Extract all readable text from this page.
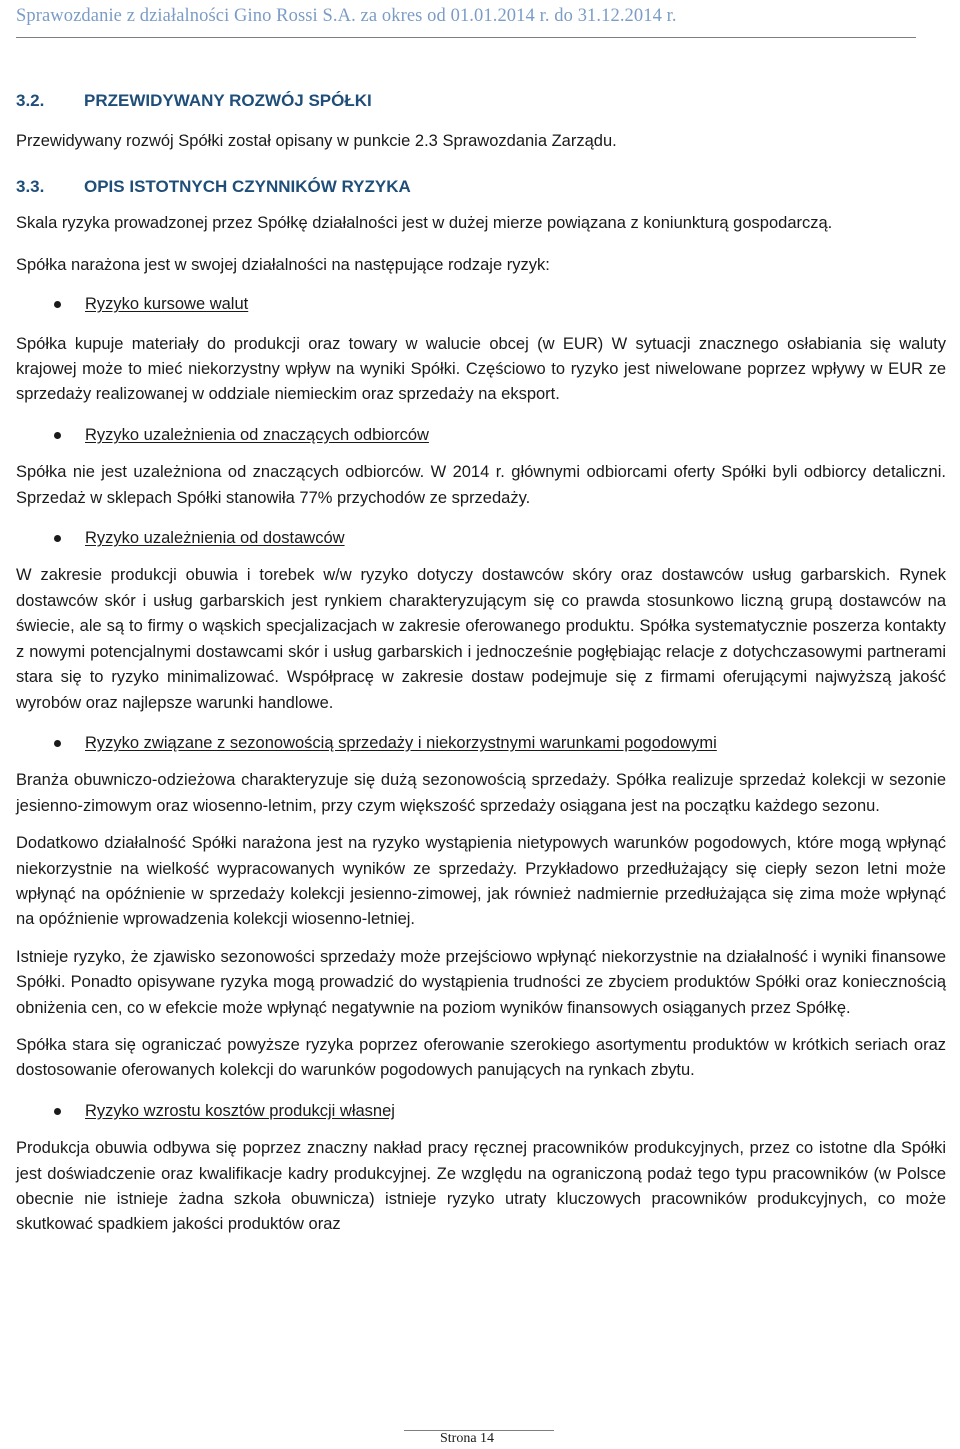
Sprawozdanie z działalności Gino Rossi S.A. za okres od 01.01.2014 r. do 31.12.2014 r.
3.2.	PRZEWIDYWANY ROZWÓJ SPÓŁKI

Przewidywany rozwój Spółki został opisany w punkcie 2.3 Sprawozdania Zarządu.

3.3.	OPIS ISTOTNYCH CZYNNIKÓW RYZYKA

Skala ryzyka prowadzonej przez Spółkę działalności jest w dużej mierze powiązana z koniunkturą gospodarczą.

Spółka narażona jest w swojej działalności na następujące rodzaje ryzyk:

Ryzyko kursowe walut

Spółka kupuje materiały do produkcji oraz towary w walucie obcej (w EUR) W sytuacji znacznego osłabiania się waluty krajowej może to mieć niekorzystny wpływ na wyniki Spółki. Częściowo to ryzyko jest niwelowane poprzez wpływy w EUR ze sprzedaży realizowanej w oddziale niemieckim oraz sprzedaży na eksport.

Ryzyko uzależnienia od znaczących odbiorców

Spółka nie jest uzależniona od znaczących odbiorców. W 2014 r. głównymi odbiorcami oferty Spółki byli odbiorcy detaliczni. Sprzedaż w sklepach Spółki stanowiła 77% przychodów ze sprzedaży.

Ryzyko uzależnienia od dostawców

W zakresie produkcji obuwia i torebek w/w ryzyko dotyczy dostawców skóry oraz dostawców usług garbarskich. Rynek dostawców skór i usług garbarskich jest rynkiem charakteryzującym się co prawda stosunkowo liczną grupą dostawców na świecie, ale są to firmy o wąskich specjalizacjach w zakresie oferowanego produktu. Spółka systematycznie poszerza kontakty z nowymi potencjalnymi dostawcami skór i usług garbarskich i jednocześnie pogłębiając relacje z dotychczasowymi partnerami stara się to ryzyko minimalizować. Współpracę w zakresie dostaw podejmuje się z firmami oferującymi najwyższą jakość wyrobów oraz najlepsze warunki handlowe.

Ryzyko związane z sezonowością sprzedaży i niekorzystnymi warunkami pogodowymi

Branża obuwniczo-odzieżowa charakteryzuje się dużą sezonowością sprzedaży. Spółka realizuje sprzedaż kolekcji w sezonie jesienno-zimowym oraz wiosenno-letnim, przy czym większość sprzedaży osiągana jest na początku każdego sezonu.

Dodatkowo działalność Spółki narażona jest na ryzyko wystąpienia nietypowych warunków pogodowych, które mogą wpłynąć niekorzystnie na wielkość wypracowanych wyników ze sprzedaży. Przykładowo przedłużający się ciepły sezon letni może wpłynąć na opóźnienie w sprzedaży kolekcji jesienno-zimowej, jak również nadmiernie przedłużająca się zima może wpłynąć na opóźnienie wprowadzenia kolekcji wiosenno-letniej.

Istnieje ryzyko, że zjawisko sezonowości sprzedaży może przejściowo wpłynąć niekorzystnie na działalność i wyniki finansowe Spółki. Ponadto opisywane ryzyka mogą prowadzić do wystąpienia trudności ze zbyciem produktów Spółki oraz koniecznością obniżenia cen, co w efekcie może wpłynąć negatywnie na poziom wyników finansowych osiąganych przez Spółkę.

Spółka stara się ograniczać powyższe ryzyka poprzez oferowanie szerokiego asortymentu produktów w krótkich seriach oraz dostosowanie oferowanych kolekcji do warunków pogodowych panujących na rynkach zbytu.

Ryzyko wzrostu kosztów produkcji własnej

Produkcja obuwia odbywa się poprzez znaczny nakład pracy ręcznej pracowników produkcyjnych, przez co istotne dla Spółki jest doświadczenie oraz kwalifikacje kadry produkcyjnej. Ze względu na ograniczoną podaż tego typu pracowników (w Polsce obecnie nie istnieje żadna szkoła obuwnicza) istnieje ryzyko utraty kluczowych pracowników produkcyjnych, co może skutkować spadkiem jakości produktów oraz

Strona 14
